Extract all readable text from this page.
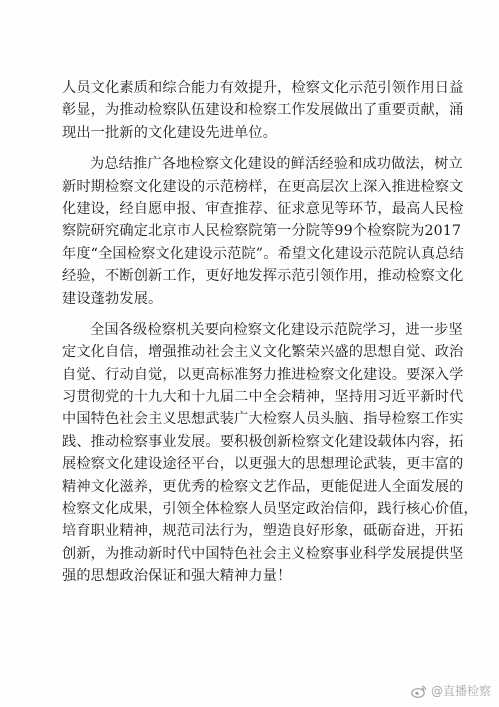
人员文化素质和综合能力有效提升，检察文化示范引领作用日益
彰显，为推动检察队伍建设和检察工作发展做出了重要贡献，涌
现出一批新的文化建设先进单位。
为总结推广各地检察文化建设的鲜活经验和成功做法，树立
新时期检察文化建设的示范榜样，在更高层次上深入推进检察文
化建设，经自愿申报、审查推荐、征求意见等环节，最高人民检
察院研究确定北京市人民检察院第一分院等99个检察院为2017
年度“全国检察文化建设示范院”。希望文化建设示范院认真总结
经验，不断创新工作，更好地发挥示范引领作用，推动检察文化
建设蓬勃发展。
全国各级检察机关要向检察文化建设示范院学习，进一步坚
定文化自信，增强推动社会主义文化繁荣兴盛的思想自觉、政治
自觉、行动自觉，以更高标准努力推进检察文化建设。要深入学
习贯彻党的十九大和十九届二中全会精神，坚持用习近平新时代
中国特色社会主义思想武装广大检察人员头脑、指导检察工作实
践、推动检察事业发展。要积极创新检察文化建设载体内容，拓
展检察文化建设途径平台，以更强大的思想理论武装，更丰富的
精神文化滋养，更优秀的检察文艺作品，更能促进人全面发展的
检察文化成果，引领全体检察人员坚定政治信仰，践行核心价值，
培育职业精神，规范司法行为，塑造良好形象，砥砺奋进，开拓
创新，为推动新时代中国特色社会主义检察事业科学发展提供坚
强的思想政治保证和强大精神力量！
@直播检察
